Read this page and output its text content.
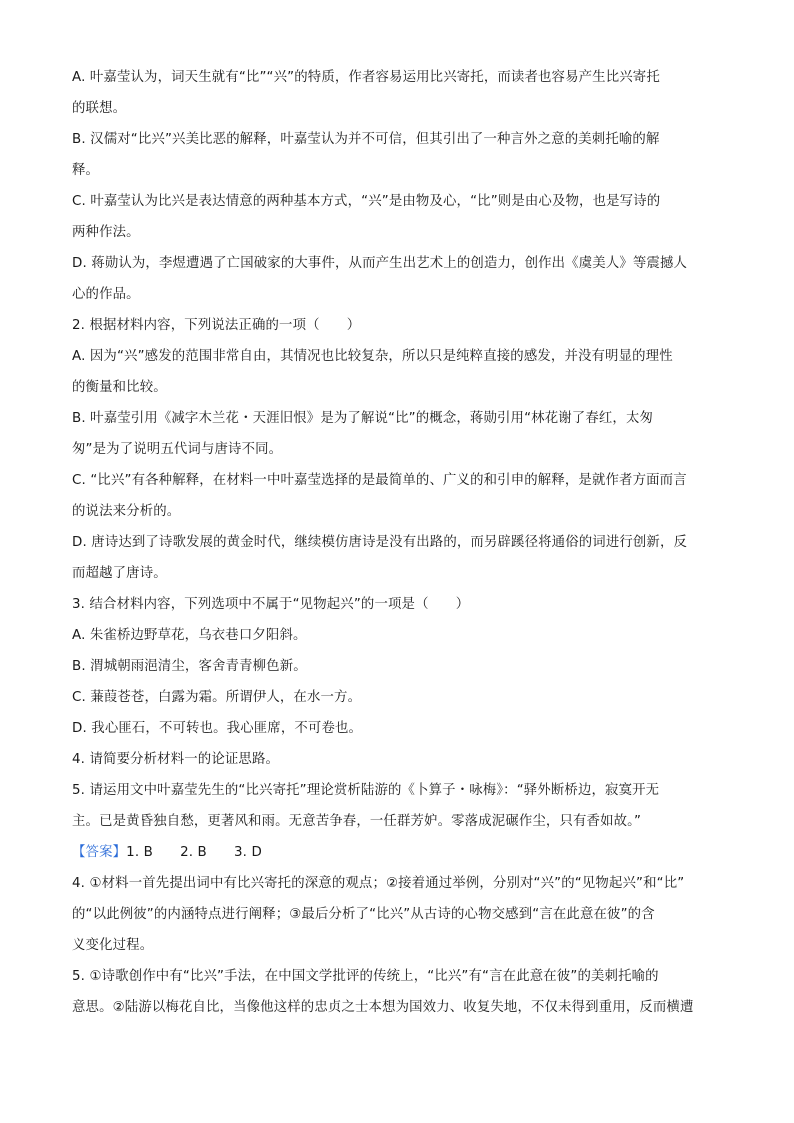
A. 叶嘉莹认为，词天生就有“比”“兴”的特质，作者容易运用比兴寄托，而读者也容易产生比兴寄托
的联想。
B. 汉儒对“比兴”兴美比恶的解释，叶嘉莹认为并不可信，但其引出了一种言外之意的美刺托喻的解
释。
C. 叶嘉莹认为比兴是表达情意的两种基本方式，“兴”是由物及心，“比”则是由心及物，也是写诗的
两种作法。
D. 蒋勋认为，李煜遭遇了亡国破家的大事件，从而产生出艺术上的创造力，创作出《虞美人》等震撼人
心的作品。
2. 根据材料内容，下列说法正确的一项（　　）
A. 因为“兴”感发的范围非常自由，其情况也比较复杂，所以只是纯粹直接的感发，并没有明显的理性
的衡量和比较。
B. 叶嘉莹引用《减字木兰花・天涯旧恨》是为了解说“比”的概念，蒋勋引用“林花谢了春红，太匆
匆”是为了说明五代词与唐诗不同。
C. “比兴”有各种解释，在材料一中叶嘉莹选择的是最简单的、广义的和引申的解释，是就作者方面而言
的说法来分析的。
D. 唐诗达到了诗歌发展的黄金时代，继续模仿唐诗是没有出路的，而另辟蹊径将通俗的词进行创新，反
而超越了唐诗。
3. 结合材料内容，下列选项中不属于“见物起兴”的一项是（　　）
A. 朱雀桥边野草花，乌衣巷口夕阳斜。
B. 渭城朝雨浥清尘，客舍青青柳色新。
C. 蒹葭苍苍，白露为霜。所谓伊人，在水一方。
D. 我心匪石，不可转也。我心匪席，不可卷也。
4. 请简要分析材料一的论证思路。
5. 请运用文中叶嘉莹先生的“比兴寄托”理论赏析陆游的《卜算子・咏梅》：“驿外断桥边，寂寞开无
主。已是黄昏独自愁，更著风和雨。无意苦争春，一任群芳妒。零落成泥碾作尘，只有香如故。”
【答案】1. B　　2. B　　3. D
4. ①材料一首先提出词中有比兴寄托的深意的观点；②接着通过举例，分别对“兴”的“见物起兴”和“比”
的“以此例彼”的内涵特点进行阐释；③最后分析了“比兴”从古诗的心物交感到“言在此意在彼”的含
义变化过程。
5. ①诗歌创作中有“比兴”手法，在中国文学批评的传统上，“比兴”有“言在此意在彼”的美刺托喻的
意思。②陆游以梅花自比，当像他这样的忠贞之士本想为国效力、收复失地，不仅未得到重用，反而横遭
